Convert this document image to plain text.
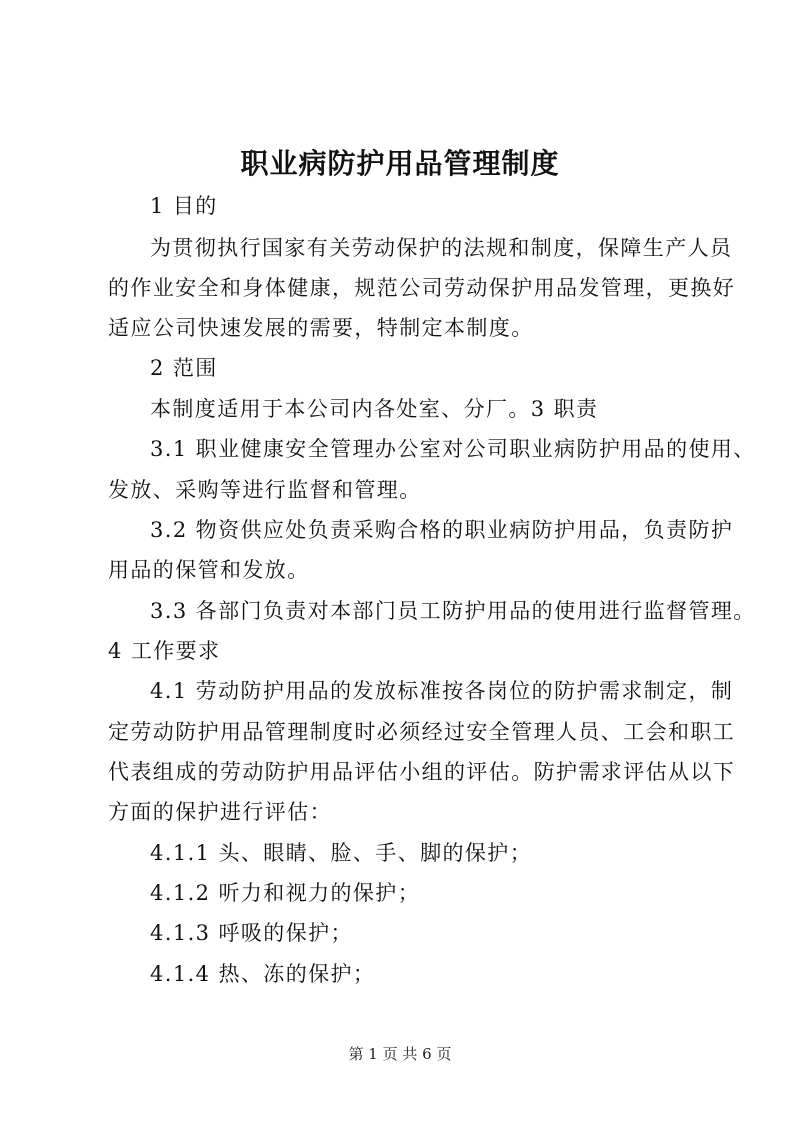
职业病防护用品管理制度
1 目的
为贯彻执行国家有关劳动保护的法规和制度，保障生产人员
的作业安全和身体健康，规范公司劳动保护用品发管理，更换好
适应公司快速发展的需要，特制定本制度。
2 范围
本制度适用于本公司内各处室、分厂。3 职责
3.1 职业健康安全管理办公室对公司职业病防护用品的使用、
发放、采购等进行监督和管理。
3.2 物资供应处负责采购合格的职业病防护用品，负责防护
用品的保管和发放。
3.3 各部门负责对本部门员工防护用品的使用进行监督管理。
4 工作要求
4.1 劳动防护用品的发放标准按各岗位的防护需求制定，制
定劳动防护用品管理制度时必须经过安全管理人员、工会和职工
代表组成的劳动防护用品评估小组的评估。防护需求评估从以下
方面的保护进行评估：
4.1.1 头、眼睛、脸、手、脚的保护；
4.1.2 听力和视力的保护；
4.1.3 呼吸的保护；
4.1.4 热、冻的保护；
第 1 页 共 6 页
